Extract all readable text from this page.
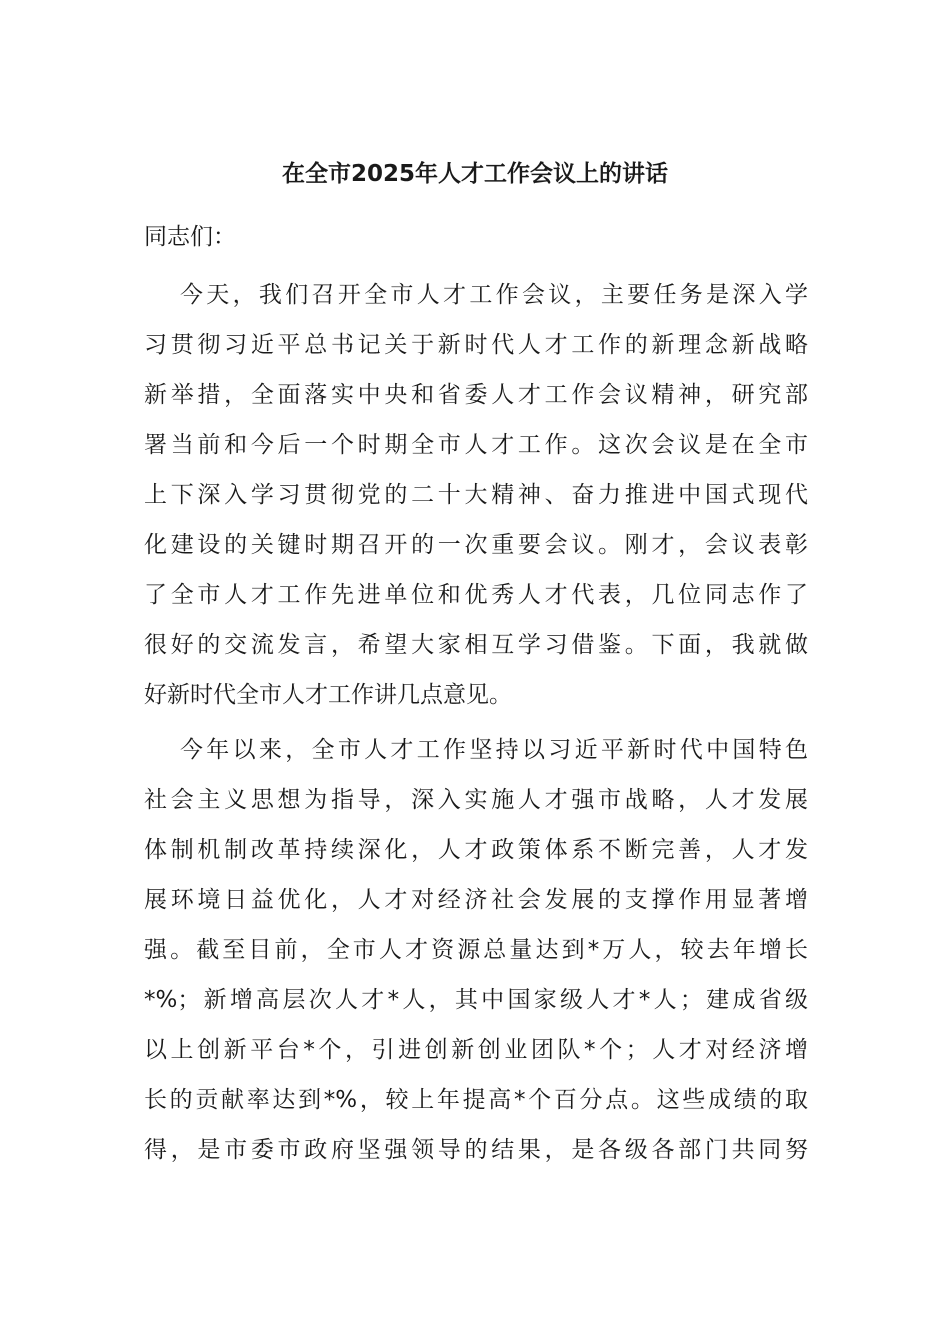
在全市2025年人才工作会议上的讲话
同志们：
今天，我们召开全市人才工作会议，主要任务是深入学
习贯彻习近平总书记关于新时代人才工作的新理念新战略
新举措，全面落实中央和省委人才工作会议精神，研究部
署当前和今后一个时期全市人才工作。这次会议是在全市
上下深入学习贯彻党的二十大精神、奋力推进中国式现代
化建设的关键时期召开的一次重要会议。刚才，会议表彰
了全市人才工作先进单位和优秀人才代表，几位同志作了
很好的交流发言，希望大家相互学习借鉴。下面，我就做
好新时代全市人才工作讲几点意见。
今年以来，全市人才工作坚持以习近平新时代中国特色
社会主义思想为指导，深入实施人才强市战略，人才发展
体制机制改革持续深化，人才政策体系不断完善，人才发
展环境日益优化，人才对经济社会发展的支撑作用显著增
强。截至目前，全市人才资源总量达到*万人，较去年增长
*%；新增高层次人才*人，其中国家级人才*人；建成省级
以上创新平台*个，引进创新创业团队*个；人才对经济增
长的贡献率达到*%，较上年提高*个百分点。这些成绩的取
得，是市委市政府坚强领导的结果，是各级各部门共同努
